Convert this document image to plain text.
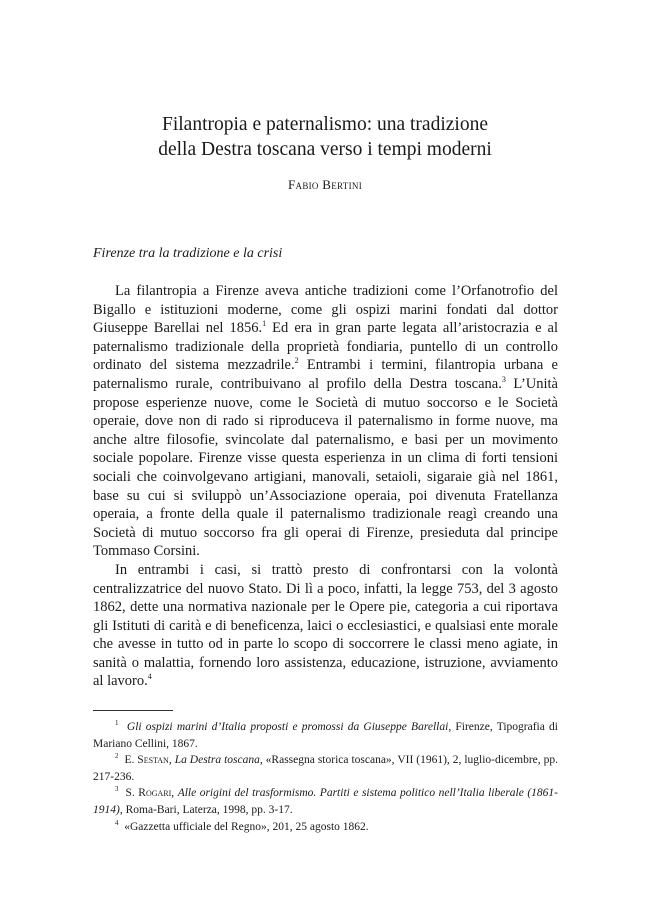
Filantropia e paternalismo: una tradizione
della Destra toscana verso i tempi moderni
Fabio Bertini
Firenze tra la tradizione e la crisi

La filantropia a Firenze aveva antiche tradizioni come l’Orfanotrofio del Bigallo e istituzioni moderne, come gli ospizi marini fondati dal dottor Giuseppe Barellai nel 1856.$^1$ Ed era in gran parte legata all’aristocrazia e al paternalismo tradizionale della proprietà fondiaria, puntello di un controllo ordinato del sistema mezzadrile.$^2$ Entrambi i termini, filantropia urbana e paternalismo rurale, contribuivano al profilo della Destra toscana.$^3$ L’Unità propose esperienze nuove, come le Società di mutuo soccorso e le Società operaie, dove non di rado si riproduceva il paternalismo in forme nuove, ma anche altre filosofie, svincolate dal paternalismo, e basi per un movimento sociale popolare. Firenze visse questa esperienza in un clima di forti tensioni sociali che coinvolgevano artigiani, manovali, setaioli, sigaraie già nel 1861, base su cui si sviluppò un’Associazione operaia, poi divenuta Fratellanza operaia, a fronte della quale il paternalismo tradizionale reagì creando una Società di mutuo soccorso fra gli operai di Firenze, presieduta dal principe Tommaso Corsini.

In entrambi i casi, si trattò presto di confrontarsi con la volontà centralizzatrice del nuovo Stato. Di lì a poco, infatti, la legge 753, del 3 agosto 1862, dette una normativa nazionale per le Opere pie, categoria a cui riportava gli Istituti di carità e di beneficenza, laici o ecclesiastici, e qualsiasi ente morale che avesse in tutto od in parte lo scopo di soccorrere le classi meno agiate, in sanità o malattia, fornendo loro assistenza, educazione, istruzione, avviamento al lavoro.$^4$

$^1$ Gli ospizi marini d’Italia proposti e promossi da Giuseppe Barellai, Firenze, Tipografia di Mariano Cellini, 1867.

$^2$ E. Sestan, La Destra toscana, «Rassegna storica toscana», VII (1961), 2, luglio-dicembre, pp. 217-236.

$^3$ S. Rogari, Alle origini del trasformismo. Partiti e sistema politico nell’Italia liberale (1861-1914), Roma-Bari, Laterza, 1998, pp. 3-17.

$^4$ «Gazzetta ufficiale del Regno», 201, 25 agosto 1862.
